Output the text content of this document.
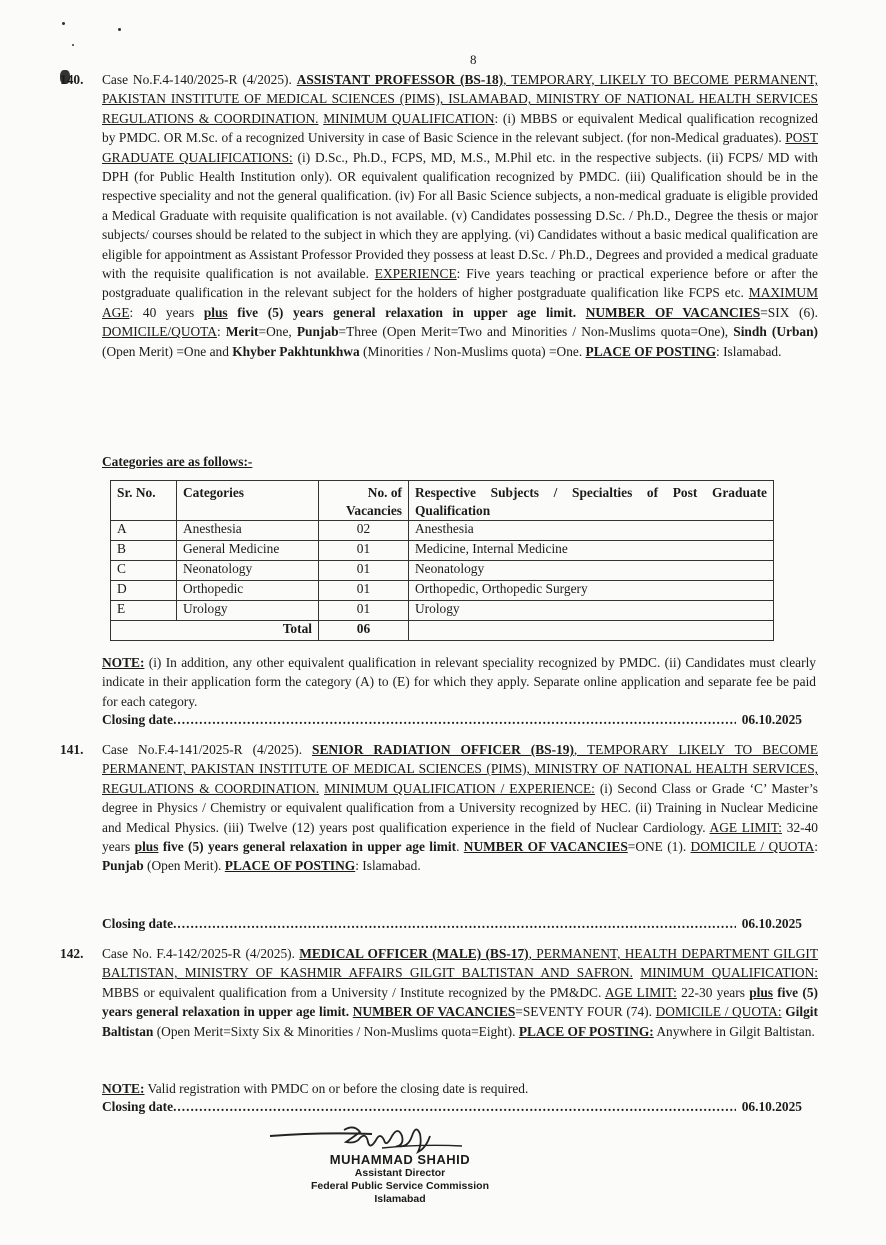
8
140. Case No.F.4-140/2025-R (4/2025). ASSISTANT PROFESSOR (BS-18), TEMPORARY, LIKELY TO BECOME PERMANENT, PAKISTAN INSTITUTE OF MEDICAL SCIENCES (PIMS), ISLAMABAD, MINISTRY OF NATIONAL HEALTH SERVICES REGULATIONS & COORDINATION. MINIMUM QUALIFICATION: (i) MBBS or equivalent Medical qualification recognized by PMDC. OR M.Sc. of a recognized University in case of Basic Science in the relevant subject. (for non-Medical graduates). POST GRADUATE QUALIFICATIONS: (i) D.Sc., Ph.D., FCPS, MD, M.S., M.Phil etc. in the respective subjects. (ii) FCPS/ MD with DPH (for Public Health Institution only). OR equivalent qualification recognized by PMDC. (iii) Qualification should be in the respective speciality and not the general qualification. (iv) For all Basic Science subjects, a non-medical graduate is eligible provided a Medical Graduate with requisite qualification is not available. (v) Candidates possessing D.Sc. / Ph.D., Degree the thesis or major subjects/ courses should be related to the subject in which they are applying. (vi) Candidates without a basic medical qualification are eligible for appointment as Assistant Professor Provided they possess at least D.Sc. / Ph.D., Degrees and provided a medical graduate with the requisite qualification is not available. EXPERIENCE: Five years teaching or practical experience before or after the postgraduate qualification in the relevant subject for the holders of higher postgraduate qualification like FCPS etc. MAXIMUM AGE: 40 years plus five (5) years general relaxation in upper age limit. NUMBER OF VACANCIES=SIX (6). DOMICILE/QUOTA: Merit=One, Punjab=Three (Open Merit=Two and Minorities / Non-Muslims quota=One), Sindh (Urban) (Open Merit) =One and Khyber Pakhtunkhwa (Minorities / Non-Muslims quota) =One. PLACE OF POSTING: Islamabad.
Categories are as follows:-
Sr. No.	Categories	No. of Vacancies	Respective Subjects / Specialties of Post Graduate Qualification
A	Anesthesia	02	Anesthesia
B	General Medicine	01	Medicine, Internal Medicine
C	Neonatology	01	Neonatology
D	Orthopedic	01	Orthopedic, Orthopedic Surgery
E	Urology	01	Urology
Total		06	
NOTE: (i) In addition, any other equivalent qualification in relevant speciality recognized by PMDC. (ii) Candidates must clearly indicate in their application form the category (A) to (E) for which they apply. Separate online application and separate fee be paid for each category.
Closing date .....	06.10.2025
141. Case No.F.4-141/2025-R (4/2025). SENIOR RADIATION OFFICER (BS-19), TEMPORARY LIKELY TO BECOME PERMANENT, PAKISTAN INSTITUTE OF MEDICAL SCIENCES (PIMS), MINISTRY OF NATIONAL HEALTH SERVICES, REGULATIONS & COORDINATION. MINIMUM QUALIFICATION / EXPERIENCE: (i) Second Class or Grade ‘C’ Master’s degree in Physics / Chemistry or equivalent qualification from a University recognized by HEC. (ii) Training in Nuclear Medicine and Medical Physics. (iii) Twelve (12) years post qualification experience in the field of Nuclear Cardiology. AGE LIMIT: 32-40 years plus five (5) years general relaxation in upper age limit. NUMBER OF VACANCIES=ONE (1). DOMICILE / QUOTA: Punjab (Open Merit). PLACE OF POSTING: Islamabad.
Closing date .....	06.10.2025
142. Case No. F.4-142/2025-R (4/2025). MEDICAL OFFICER (MALE) (BS-17), PERMANENT, HEALTH DEPARTMENT GILGIT BALTISTAN, MINISTRY OF KASHMIR AFFAIRS GILGIT BALTISTAN AND SAFRON. MINIMUM QUALIFICATION: MBBS or equivalent qualification from a University / Institute recognized by the PM&DC. AGE LIMIT: 22-30 years plus five (5) years general relaxation in upper age limit. NUMBER OF VACANCIES=SEVENTY FOUR (74). DOMICILE / QUOTA: Gilgit Baltistan (Open Merit=Sixty Six & Minorities / Non-Muslims quota=Eight). PLACE OF POSTING: Anywhere in Gilgit Baltistan.
NOTE: Valid registration with PMDC on or before the closing date is required.
Closing date .....	06.10.2025
MUHAMMAD SHAHID
Assistant Director
Federal Public Service Commission
Islamabad
